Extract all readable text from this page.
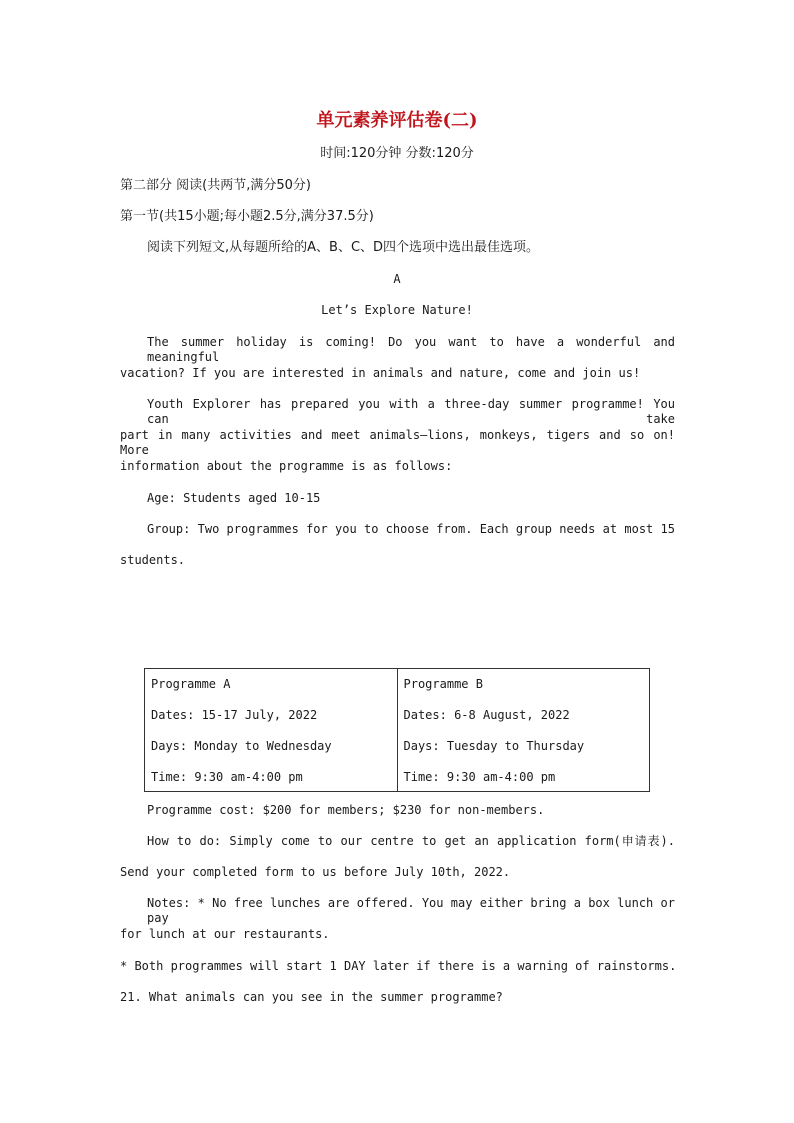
单元素养评估卷(二)
时间:120分钟 分数:120分
第二部分 阅读(共两节,满分50分)
第一节(共15小题;每小题2.5分,满分37.5分)
阅读下列短文,从每题所给的A、B、C、D四个选项中选出最佳选项。
A
Let’s Explore Nature!
The summer holiday is coming! Do you want to have a wonderful and meaningful
vacation? If you are interested in animals and nature, come and join us!
Youth Explorer has prepared you with a three-day summer programme! You can take
part in many activities and meet animals—lions, monkeys, tigers and so on! More
information about the programme is as follows:
Age: Students aged 10-15
Group: Two programmes for you to choose from. Each group needs at most 15
students.
Programme A
Dates: 15-17 July, 2022
Days: Monday to Wednesday
Time: 9:30 am-4:00 pm

Programme B
Dates: 6-8 August, 2022
Days: Tuesday to Thursday
Time: 9:30 am-4:00 pm
Programme cost: $200 for members; $230 for non-members.
How to do: Simply come to our centre to get an application form(申请表).
Send your completed form to us before July 10th, 2022.
Notes: * No free lunches are offered. You may either bring a box lunch or pay
for lunch at our restaurants.
* Both programmes will start 1 DAY later if there is a warning of rainstorms.
21. What animals can you see in the summer programme?
